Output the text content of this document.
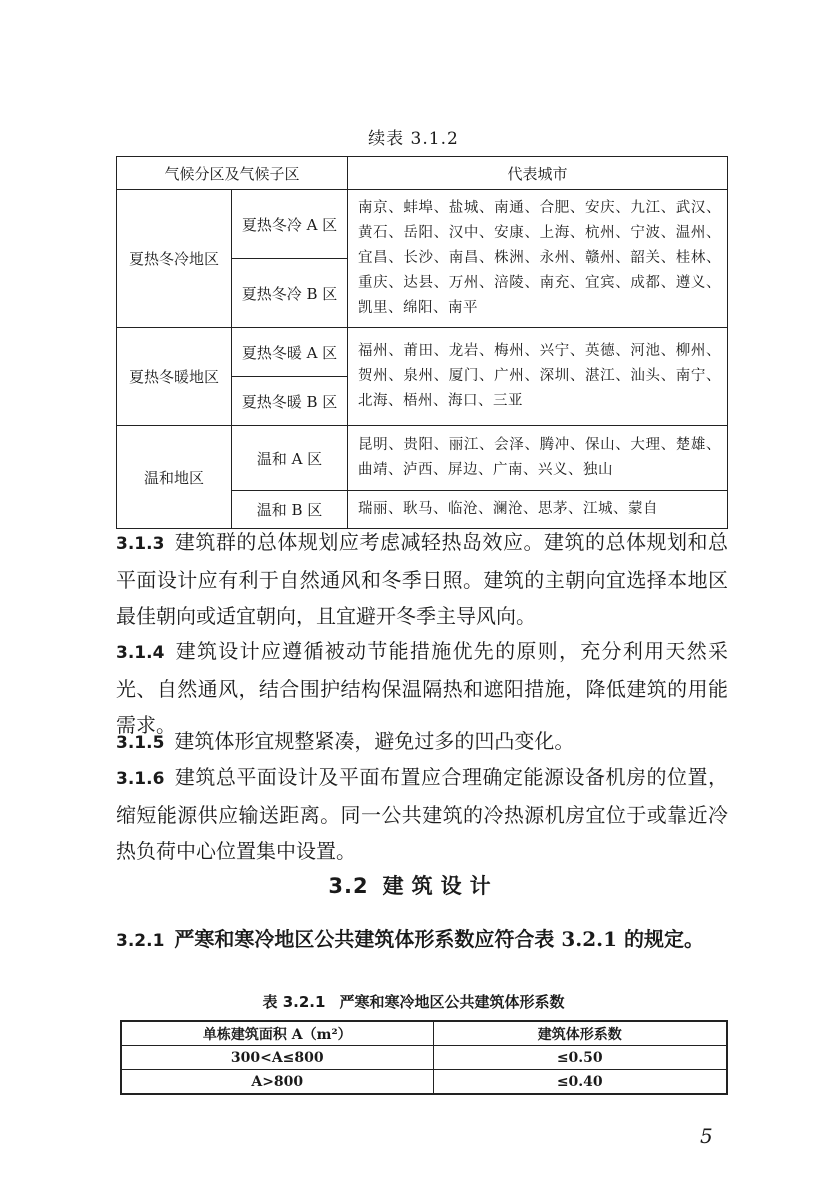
续表 3.1.2
气候分区及气候子区		代表城市
夏热冬冷地区	夏热冬冷 A 区	南京、蚌埠、盐城、南通、合肥、安庆、九江、武汉、黄石、岳阳、汉中、安康、上海、杭州、宁波、温州、宜昌、长沙、南昌、株洲、永州、赣州、韶关、桂林、重庆、达县、万州、涪陵、南充、宜宾、成都、遵义、凯里、绵阳、南平
	夏热冬冷 B 区	
夏热冬暖地区	夏热冬暖 A 区	福州、莆田、龙岩、梅州、兴宁、英德、河池、柳州、贺州、泉州、厦门、广州、深圳、湛江、汕头、南宁、北海、梧州、海口、三亚
	夏热冬暖 B 区	
温和地区	温和 A 区	昆明、贵阳、丽江、会泽、腾冲、保山、大理、楚雄、曲靖、泸西、屏边、广南、兴义、独山
	温和 B 区	瑞丽、耿马、临沧、澜沧、思茅、江城、蒙自
3.1.3 建筑群的总体规划应考虑减轻热岛效应。建筑的总体规划和总平面设计应有利于自然通风和冬季日照。建筑的主朝向宜选择本地区最佳朝向或适宜朝向，且宜避开冬季主导风向。
3.1.4 建筑设计应遵循被动节能措施优先的原则，充分利用天然采光、自然通风，结合围护结构保温隔热和遮阳措施，降低建筑的用能需求。
3.1.5 建筑体形宜规整紧凑，避免过多的凹凸变化。
3.1.6 建筑总平面设计及平面布置应合理确定能源设备机房的位置，缩短能源供应输送距离。同一公共建筑的冷热源机房宜位于或靠近冷热负荷中心位置集中设置。
3.2 建筑设计
3.2.1 严寒和寒冷地区公共建筑体形系数应符合表 3.2.1 的规定。
表 3.2.1 严寒和寒冷地区公共建筑体形系数
单栋建筑面积 A（m²）	建筑体形系数
300<A≤800	≤0.50
A>800	≤0.40
5
